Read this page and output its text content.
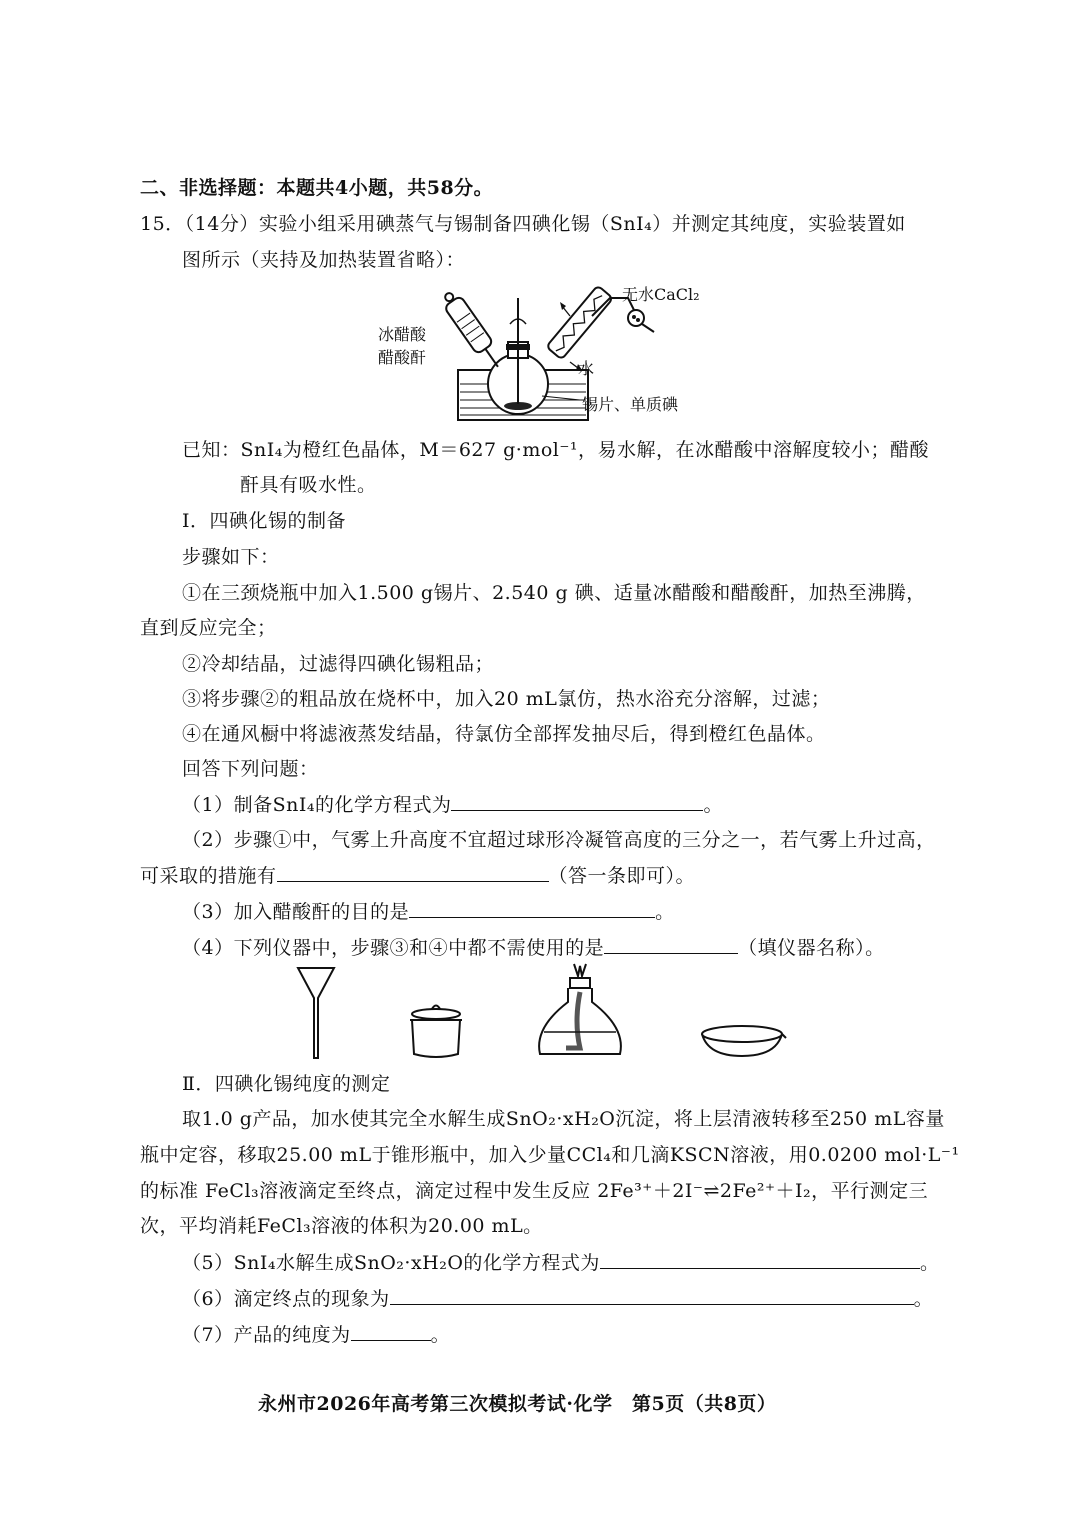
二、非选择题：本题共4小题，共58分。
15．（14分）实验小组采用碘蒸气与锡制备四碘化锡（SnI₄）并测定其纯度，实验装置如
图所示（夹持及加热装置省略）：
冰醋酸
醋酸酐
无水CaCl₂
水
锡片、单质碘
已知：SnI₄为橙红色晶体，M＝627 g·mol⁻¹，易水解，在冰醋酸中溶解度较小；醋酸
酐具有吸水性。
Ⅰ．四碘化锡的制备
步骤如下：
①在三颈烧瓶中加入1.500 g锡片、2.540 g 碘、适量冰醋酸和醋酸酐，加热至沸腾，
直到反应完全；
②冷却结晶，过滤得四碘化锡粗品；
③将步骤②的粗品放在烧杯中，加入20 mL氯仿，热水浴充分溶解，过滤；
④在通风橱中将滤液蒸发结晶，待氯仿全部挥发抽尽后，得到橙红色晶体。
回答下列问题：
（1）制备SnI₄的化学方程式为	。
（2）步骤①中，气雾上升高度不宜超过球形冷凝管高度的三分之一，若气雾上升过高，
可采取的措施有	（答一条即可）。
（3）加入醋酸酐的目的是	。
（4）下列仪器中，步骤③和④中都不需使用的是	（填仪器名称）。
Ⅱ．四碘化锡纯度的测定
取1.0 g产品，加水使其完全水解生成SnO₂·xH₂O沉淀，将上层清液转移至250 mL容量
瓶中定容，移取25.00 mL于锥形瓶中，加入少量CCl₄和几滴KSCN溶液，用0.0200 mol·L⁻¹
的标准 FeCl₃溶液滴定至终点，滴定过程中发生反应 2Fe³⁺＋2I⁻⇌2Fe²⁺＋I₂，平行测定三
次，平均消耗FeCl₃溶液的体积为20.00 mL。
（5）SnI₄水解生成SnO₂·xH₂O的化学方程式为	。
（6）滴定终点的现象为	。
（7）产品的纯度为	。
永州市2026年高考第三次模拟考试·化学　第5页（共8页）
